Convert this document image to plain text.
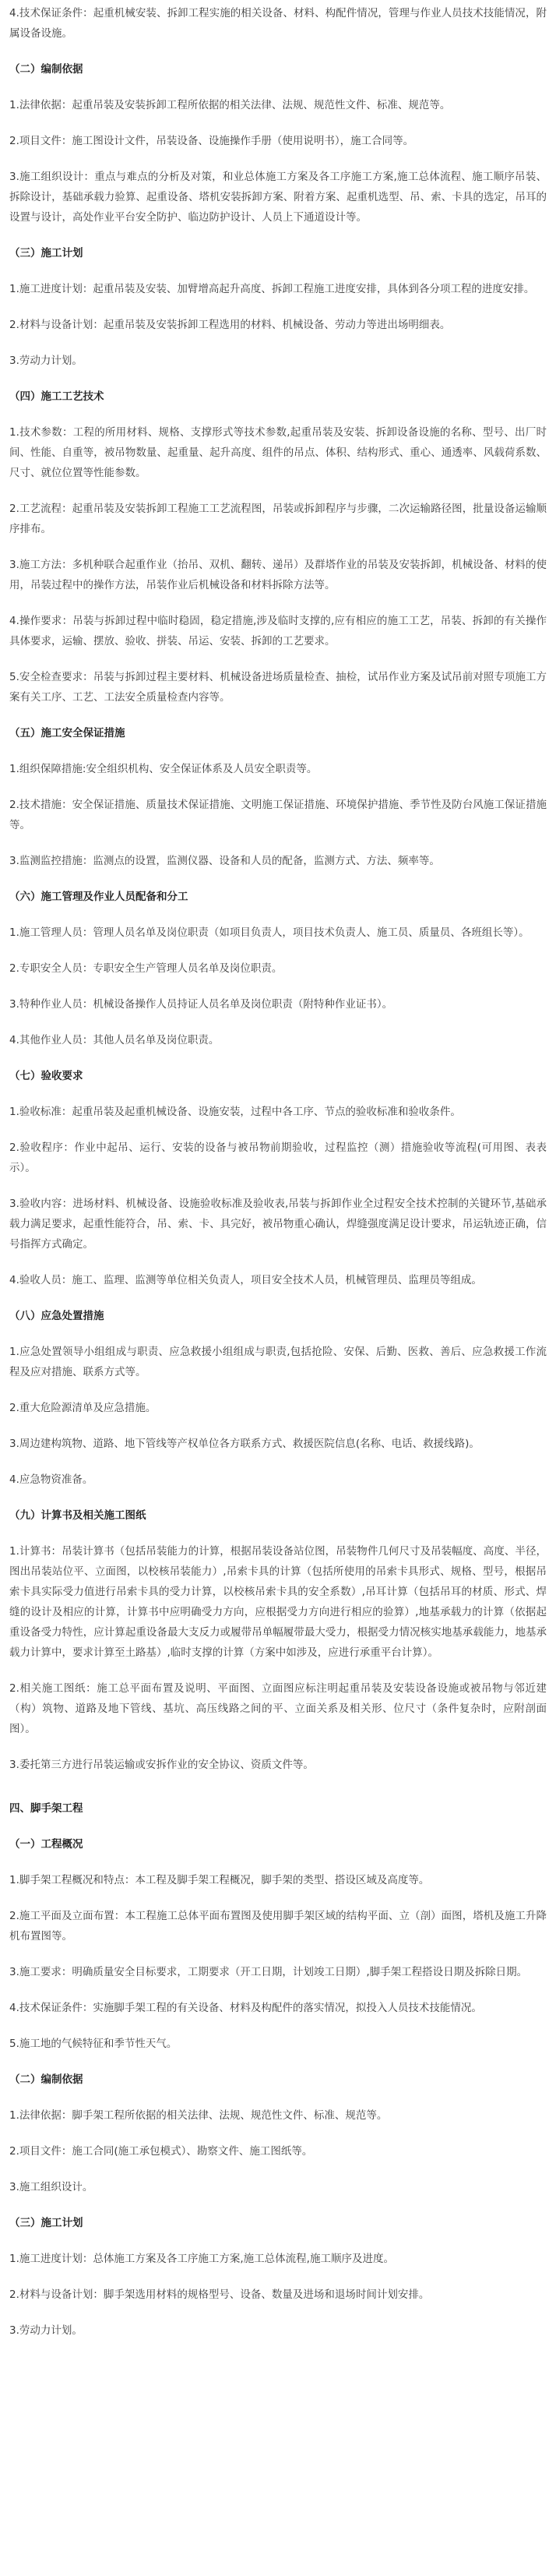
4.技术保证条件：起重机械安装、拆卸工程实施的相关设备、材料、构配件情况，管理与作业人员技术技能情况，附属设备设施。
（二）编制依据
1.法律依据：起重吊装及安装拆卸工程所依据的相关法律、法规、规范性文件、标准、规范等。
2.项目文件：施工图设计文件，吊装设备、设施操作手册（使用说明书），施工合同等。
3.施工组织设计：重点与难点的分析及对策，和业总体施工方案及各工序施工方案,施工总体流程、施工顺序吊装、拆除设计，基础承载力验算、起重设备、塔机安装拆卸方案、附着方案、起重机选型、吊、索、卡具的选定，吊耳的设置与设计，高处作业平台安全防护、临边防护设计、人员上下通道设计等。
（三）施工计划
1.施工进度计划：起重吊装及安装、加臂增高起升高度、拆卸工程施工进度安排，具体到各分项工程的进度安排。
2.材料与设备计划：起重吊装及安装拆卸工程选用的材料、机械设备、劳动力等进出场明细表。
3.劳动力计划。
（四）施工工艺技术
1.技术参数：工程的所用材料、规格、支撑形式等技术参数,起重吊装及安装、拆卸设备设施的名称、型号、出厂时间、性能、自重等，被吊物数量、起重量、起升高度、组件的吊点、体积、结构形式、重心、通透率、风载荷系数、尺寸、就位位置等性能参数。
2.工艺流程：起重吊装及安装拆卸工程施工工艺流程图，吊装或拆卸程序与步骤，二次运输路径图，批量设备运输顺序排布。
3.施工方法：多机种联合起重作业（抬吊、双机、翻转、递吊）及群塔作业的吊装及安装拆卸，机械设备、材料的使用，吊装过程中的操作方法，吊装作业后机械设备和材料拆除方法等。
4.操作要求：吊装与拆卸过程中临时稳固，稳定措施,涉及临时支撑的,应有相应的施工工艺，吊装、拆卸的有关操作具体要求，运输、摆放、验收、拼装、吊运、安装、拆卸的工艺要求。
5.安全检查要求：吊装与拆卸过程主要材料、机械设备进场质量检查、抽检，试吊作业方案及试吊前对照专项施工方案有关工序、工艺、工法安全质量检查内容等。
（五）施工安全保证措施
1.组织保障措施:安全组织机构、安全保证体系及人员安全职责等。
2.技术措施：安全保证措施、质量技术保证措施、文明施工保证措施、环境保护措施、季节性及防台风施工保证措施等。
3.监测监控措施：监测点的设置，监测仪器、设备和人员的配备，监测方式、方法、频率等。
（六）施工管理及作业人员配备和分工
1.施工管理人员：管理人员名单及岗位职责（如项目负责人，项目技术负责人、施工员、质量员、各班组长等）。
2.专职安全人员：专职安全生产管理人员名单及岗位职责。
3.特种作业人员：机械设备操作人员持证人员名单及岗位职责（附特种作业证书）。
4.其他作业人员：其他人员名单及岗位职责。
（七）验收要求
1.验收标准：起重吊装及起重机械设备、设施安装，过程中各工序、节点的验收标准和验收条件。
2.验收程序：作业中起吊、运行、安装的设备与被吊物前期验收，过程监控（测）措施验收等流程(可用图、表表示）。
3.验收内容：进场材料、机械设备、设施验收标准及验收表,吊装与拆卸作业全过程安全技术控制的关键环节,基础承载力满足要求，起重性能符合，吊、索、卡、具完好，被吊物重心确认，焊缝强度满足设计要求，吊运轨迹正确，信号指挥方式确定。
4.验收人员：施工、监理、监测等单位相关负责人，项目安全技术人员，机械管理员、监理员等组成。
（八）应急处置措施
1.应急处置领导小组组成与职责、应急救援小组组成与职责,包括抢险、安保、后勤、医救、善后、应急救援工作流程及应对措施、联系方式等。
2.重大危险源清单及应急措施。
3.周边建构筑物、道路、地下管线等产权单位各方联系方式、救援医院信息(名称、电话、救援线路)。
4.应急物资准备。
（九）计算书及相关施工图纸
1.计算书：吊装计算书（包括吊装能力的计算，根据吊装设备站位图，吊装物件几何尺寸及吊装幅度、高度、半径，图出吊装站位平、立面图，以校核吊装能力）,吊索卡具的计算（包括所使用的吊索卡具形式、规格、型号，根据吊索卡具实际受力值进行吊索卡具的受力计算，以校核吊索卡具的安全系数）,吊耳计算（包括吊耳的材质、形式、焊缝的设计及相应的计算，计算书中应明确受力方向，应根据受力方向进行相应的验算）,地基承载力的计算（依据起重设备受力特性，应计算起重设备最大支反力或履带吊单幅履带最大受力，根据受力情况核实地基承载能力，地基承载力计算中，要求计算至土路基）,临时支撑的计算（方案中如涉及，应进行承重平台计算）。
2.相关施工图纸：施工总平面布置及说明、平面图、立面图应标注明起重吊装及安装设备设施或被吊物与邻近建（构）筑物、道路及地下管线、基坑、高压线路之间的平、立面关系及相关形、位尺寸（条件复杂时，应附剖面图）。
3.委托第三方进行吊装运输或安拆作业的安全协议、资质文件等。
四、脚手架工程
（一）工程概况
1.脚手架工程概况和特点：本工程及脚手架工程概况，脚手架的类型、搭设区域及高度等。
2.施工平面及立面布置：本工程施工总体平面布置图及使用脚手架区域的结构平面、立（剖）面图，塔机及施工升降机布置图等。
3.施工要求：明确质量安全目标要求，工期要求（开工日期，计划竣工日期）,脚手架工程搭设日期及拆除日期。
4.技术保证条件：实施脚手架工程的有关设备、材料及构配件的落实情况，拟投入人员技术技能情况。
5.施工地的气候特征和季节性天气。
（二）编制依据
1.法律依据：脚手架工程所依据的相关法律、法规、规范性文件、标准、规范等。
2.项目文件：施工合同(施工承包模式）、勘察文件、施工图纸等。
3.施工组织设计。
（三）施工计划
1.施工进度计划：总体施工方案及各工序施工方案,施工总体流程,施工顺序及进度。
2.材料与设备计划：脚手架选用材料的规格型号、设备、数量及进场和退场时间计划安排。
3.劳动力计划。
